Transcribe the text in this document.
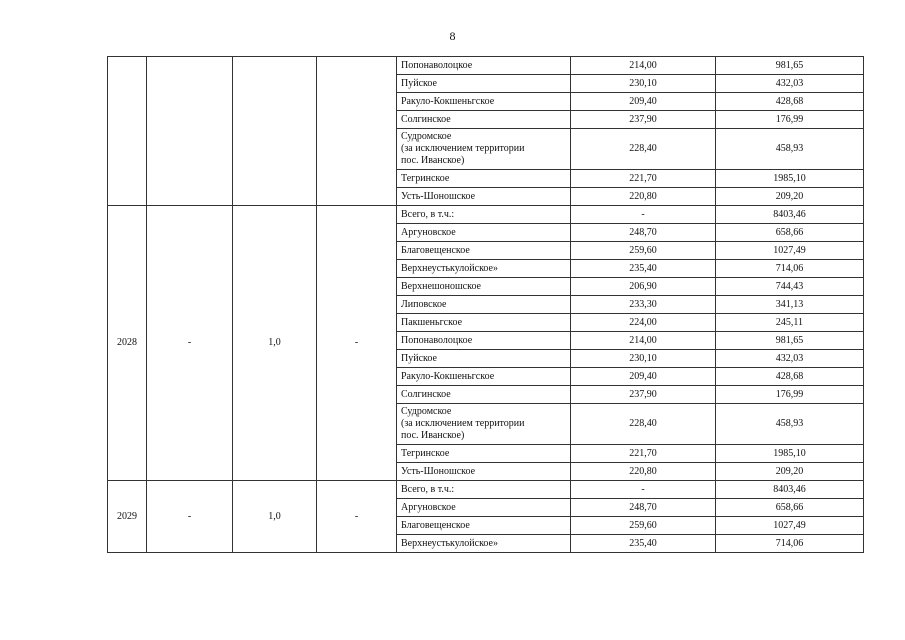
8
				Попонаволоцкое	214,00	981,65
				Пуйское	230,10	432,03
				Ракуло-Кокшеньгское	209,40	428,68
				Солгинское	237,90	176,99

				Судромское
(за исключением территории
пос. Иванское)	228,40	458,93
				Тегринское	221,70	1985,10
				Усть-Шоношское	220,80	209,20
2028	-	1,0	-	Всего, в т.ч.:	-	8403,46
				Аргуновское	248,70	658,66
				Благовещенское	259,60	1027,49
				Верхнеустькулойское»	235,40	714,06
				Верхнешоношское	206,90	744,43
				Липовское	233,30	341,13
				Пакшеньгское	224,00	245,11
				Попонаволоцкое	214,00	981,65
				Пуйское	230,10	432,03
				Ракуло-Кокшеньгское	209,40	428,68
				Солгинское	237,90	176,99

				Судромское
(за исключением территории
пос. Иванское)	228,40	458,93
				Тегринское	221,70	1985,10
				Усть-Шоношское	220,80	209,20
2029	-	1,0	-	Всего, в т.ч.:	-	8403,46
				Аргуновское	248,70	658,66
				Благовещенское	259,60	1027,49
				Верхнеустькулойское»	235,40	714,06
